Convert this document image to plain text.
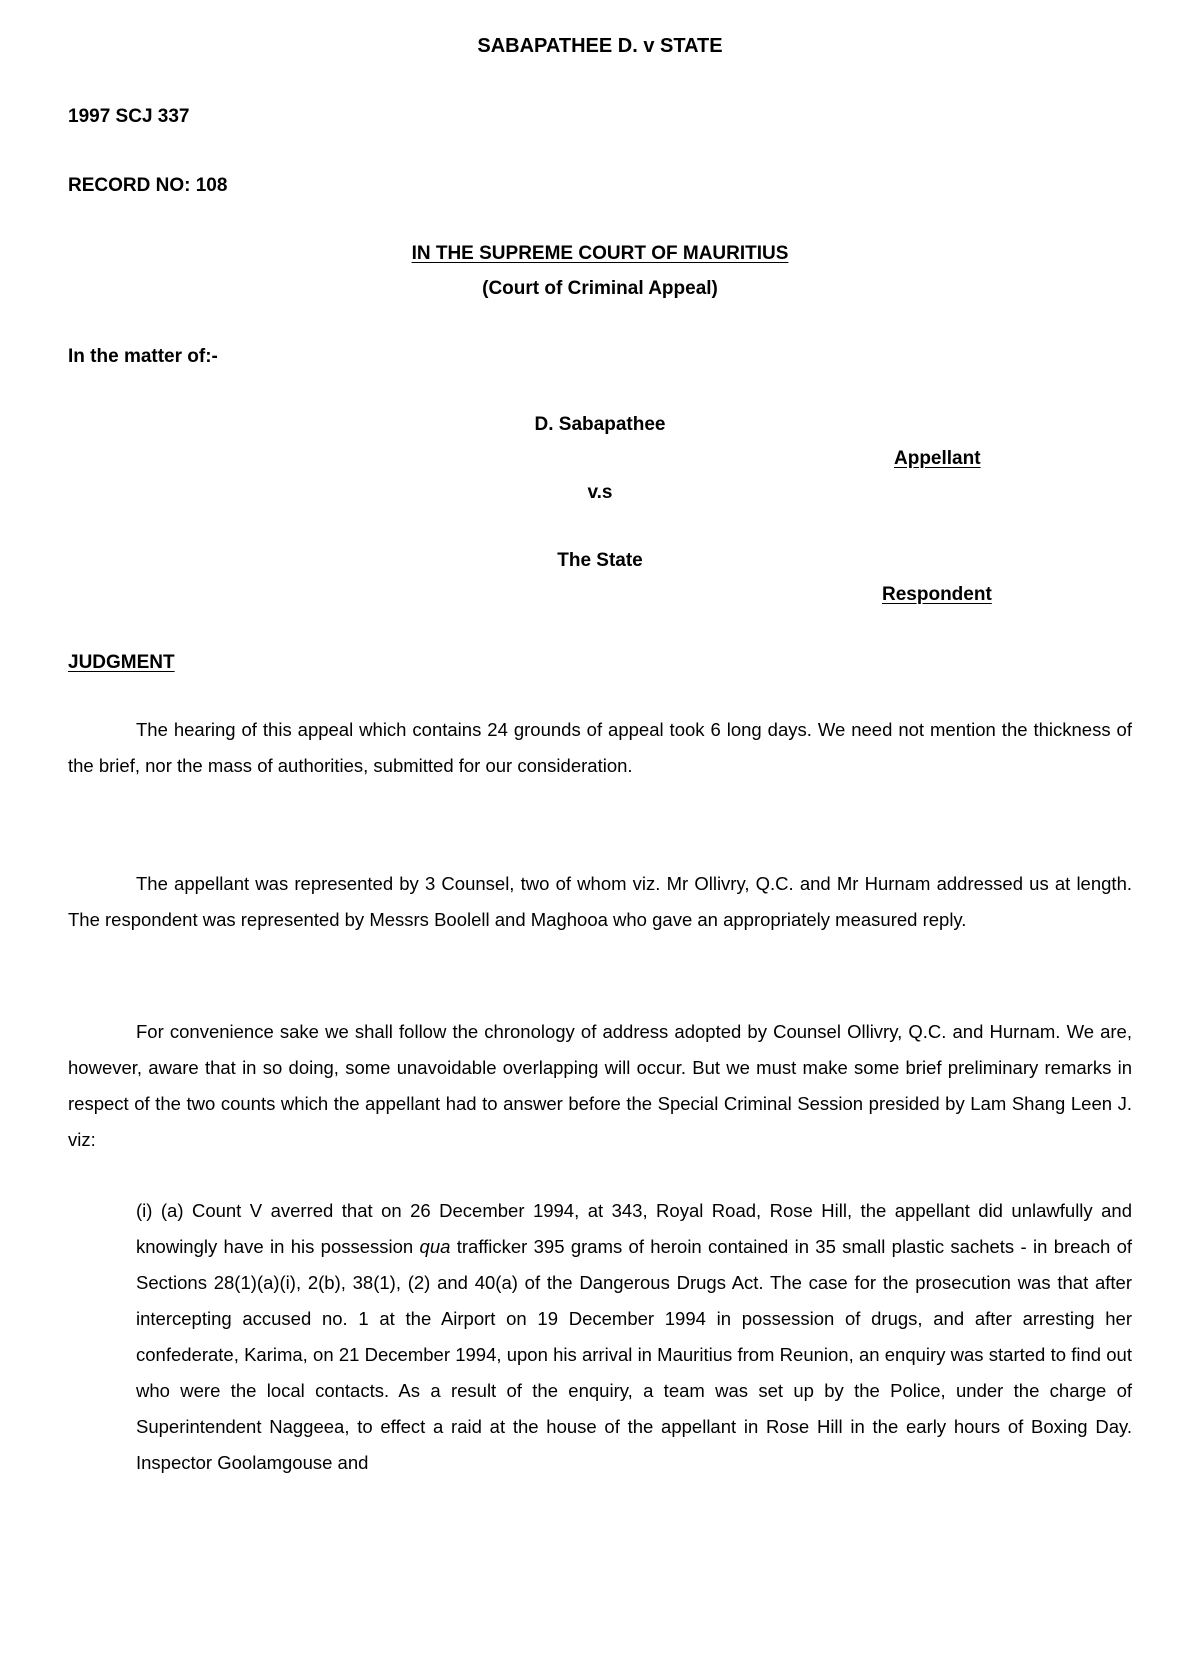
SABAPATHEE D. v STATE
1997 SCJ 337
RECORD NO: 108
IN THE SUPREME COURT OF MAURITIUS
(Court of Criminal Appeal)
In the matter of:-
D. Sabapathee
Appellant
v.s
The State
Respondent
JUDGMENT
The hearing of this appeal which contains 24 grounds of appeal took 6 long days. We need not mention the thickness of the brief, nor the mass of authorities, submitted for our consideration.
The appellant was represented by 3 Counsel, two of whom viz. Mr Ollivry, Q.C. and Mr Hurnam addressed us at length. The respondent was represented by Messrs Boolell and Maghooa who gave an appropriately measured reply.
For convenience sake we shall follow the chronology of address adopted by Counsel Ollivry, Q.C. and Hurnam. We are, however, aware that in so doing, some unavoidable overlapping will occur. But we must make some brief preliminary remarks in respect of the two counts which the appellant had to answer before the Special Criminal Session presided by Lam Shang Leen J. viz:
(i) (a) Count V averred that on 26 December 1994, at 343, Royal Road, Rose Hill, the appellant did unlawfully and knowingly have in his possession qua trafficker 395 grams of heroin contained in 35 small plastic sachets - in breach of Sections 28(1)(a)(i), 2(b), 38(1), (2) and 40(a) of the Dangerous Drugs Act. The case for the prosecution was that after intercepting accused no. 1 at the Airport on 19 December 1994 in possession of drugs, and after arresting her confederate, Karima, on 21 December 1994, upon his arrival in Mauritius from Reunion, an enquiry was started to find out who were the local contacts. As a result of the enquiry, a team was set up by the Police, under the charge of Superintendent Naggeea, to effect a raid at the house of the appellant in Rose Hill in the early hours of Boxing Day. Inspector Goolamgouse and
